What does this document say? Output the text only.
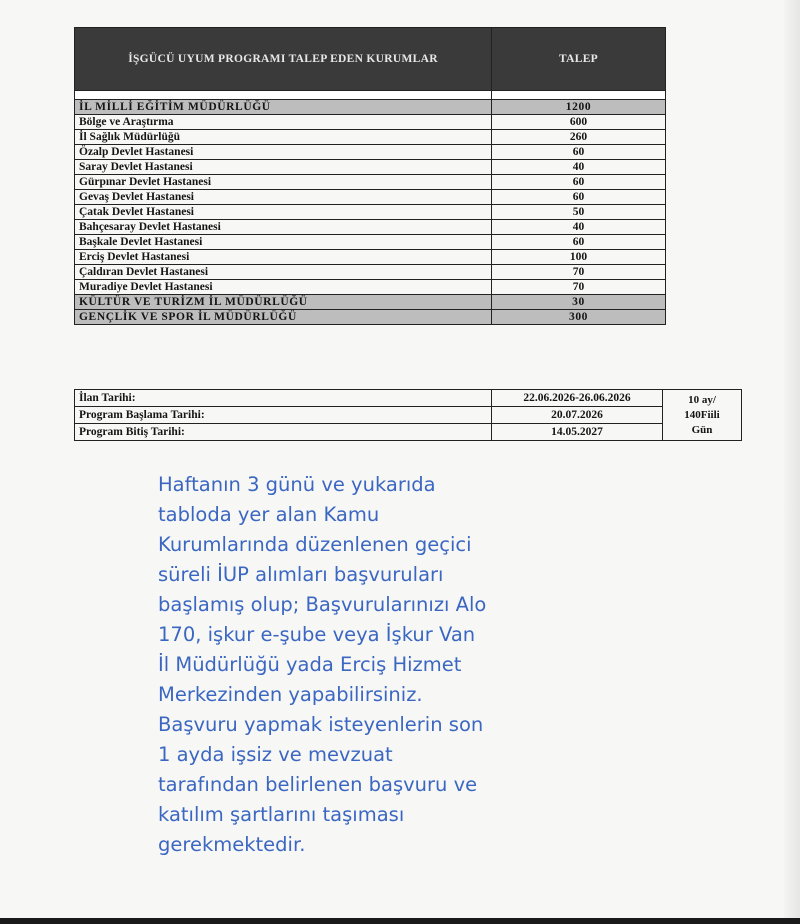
İŞGÜCÜ UYUM PROGRAMI TALEP EDEN KURUMLAR	TALEP

İL MİLLİ EĞİTİM MÜDÜRLÜĞÜ	1200
Bölge ve Araştırma	600
İl Sağlık Müdürlüğü	260
Özalp Devlet Hastanesi	60
Saray Devlet Hastanesi	40
Gürpınar Devlet Hastanesi	60
Gevaş Devlet Hastanesi	60
Çatak Devlet Hastanesi	50
Bahçesaray Devlet Hastanesi	40
Başkale Devlet Hastanesi	60
Erciş Devlet Hastanesi	100
Çaldıran Devlet Hastanesi	70
Muradiye Devlet Hastanesi	70
KÜLTÜR VE TURİZM İL MÜDÜRLÜĞÜ	30
GENÇLİK VE SPOR İL MÜDÜRLÜĞÜ	300
İlan Tarihi:	22.06.2026-26.06.2026	10 ay/
140Fiili
Gün
Program Başlama Tarihi:	20.07.2026	
Program Bitiş Tarihi:	14.05.2027	
Haftanın 3 günü ve yukarıda
tabloda yer alan Kamu
Kurumlarında düzenlenen geçici
süreli İUP alımları başvuruları
başlamış olup; Başvurularınızı Alo
170, işkur e-şube veya İşkur Van
İl Müdürlüğü yada Erciş Hizmet
Merkezinden yapabilirsiniz.
Başvuru yapmak isteyenlerin son
1 ayda işsiz ve mevzuat
tarafından belirlenen başvuru ve
katılım şartlarını taşıması
gerekmektedir.
